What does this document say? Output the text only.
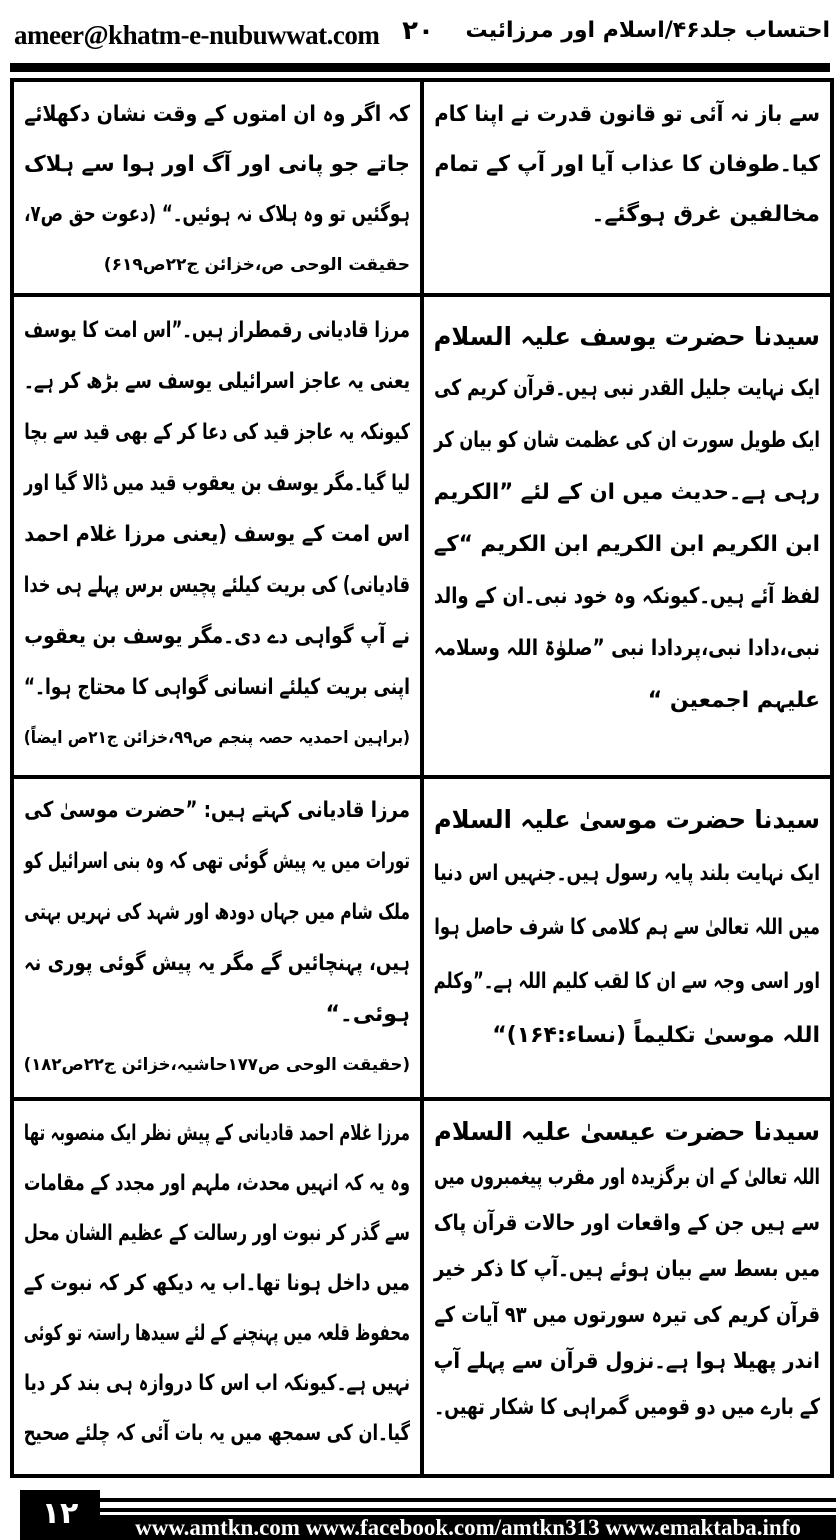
ameer@khatm-e-nubuwwat.com ۲۰	احتساب جلد۴۶/اسلام اور مرزائیت
سے باز نہ آئی تو قانون قدرت نے اپنا کام
کیا۔طوفان کا عذاب آیا اور آپ کے تمام
مخالفین غرق ہوگئے۔
کہ اگر وہ ان امتوں کے وقت نشان دکھلائے
جاتے جو پانی اور آگ اور ہوا سے ہلاک
ہوگئیں تو وہ ہلاک نہ ہوئیں۔“ (دعوت حق ص۷،
حقیقت الوحی ص،خزائن ج۲۲ص۶۱۹)
سیدنا حضرت یوسف علیہ السلام
ایک نہایت جلیل القدر نبی ہیں۔قرآن کریم کی
ایک طویل سورت ان کی عظمت شان کو بیان کر
رہی ہے۔حدیث میں ان کے لئے ”الکریم
ابن الکریم ابن الکریم ابن الکریم “کے
لفظ آئے ہیں۔کیونکہ وہ خود نبی۔ان کے والد
نبی،دادا نبی،پردادا نبی ”صلوٰۃ اللہ وسلامہ
علیہم اجمعین “
مرزا قادیانی رقمطراز ہیں۔”اس امت کا یوسف
یعنی یہ عاجز اسرائیلی یوسف سے بڑھ کر ہے۔
کیونکہ یہ عاجز قید کی دعا کر کے بھی قید سے بچا
لیا گیا۔مگر یوسف بن یعقوب قید میں ڈالا گیا اور
اس امت کے یوسف (یعنی مرزا غلام احمد
قادیانی) کی بریت کیلئے پچیس برس پہلے ہی خدا
نے آپ گواہی دے دی۔مگر یوسف بن یعقوب
اپنی بریت کیلئے انسانی گواہی کا محتاج ہوا۔“
(براہین احمدیہ حصہ پنجم ص۹۹،خزائن ج۲۱ص ایضاً)
سیدنا حضرت موسیٰ علیہ السلام
ایک نہایت بلند پایہ رسول ہیں۔جنہیں اس دنیا
میں اللہ تعالیٰ سے ہم کلامی کا شرف حاصل ہوا
اور اسی وجہ سے ان کا لقب کلیم اللہ ہے۔”وکلم
اللہ موسیٰ تکلیماً (نساء:۱۶۴)“
مرزا قادیانی کہتے ہیں: ”حضرت موسیٰ کی
تورات میں یہ پیش گوئی تھی کہ وہ بنی اسرائیل کو
ملک شام میں جہاں دودھ اور شہد کی نہریں بہتی
ہیں، پہنچائیں گے مگر یہ پیش گوئی پوری نہ
ہوئی۔“
(حقیقت الوحی ص۱۷۷حاشیہ،خزائن ج۲۲ص۱۸۲)
سیدنا حضرت عیسیٰ علیہ السلام
اللہ تعالیٰ کے ان برگزیدہ اور مقرب پیغمبروں میں
سے ہیں جن کے واقعات اور حالات قرآن پاک
میں بسط سے بیان ہوئے ہیں۔آپ کا ذکر خیر
قرآن کریم کی تیرہ سورتوں میں ۹۳ آیات کے
اندر پھیلا ہوا ہے۔نزول قرآن سے پہلے آپ
کے بارے میں دو قومیں گمراہی کا شکار تھیں۔
مرزا غلام احمد قادیانی کے پیش نظر ایک منصوبہ تھا
وہ یہ کہ انہیں محدث، ملہم اور مجدد کے مقامات
سے گذر کر نبوت اور رسالت کے عظیم الشان محل
میں داخل ہونا تھا۔اب یہ دیکھ کر کہ نبوت کے
محفوظ قلعہ میں پہنچنے کے لئے سیدھا راستہ تو کوئی
نہیں ہے۔کیونکہ اب اس کا دروازہ ہی بند کر دیا
گیا۔ان کی سمجھ میں یہ بات آئی کہ چلئے صحیح
۱۲	www.amtkn.com www.facebook.com/amtkn313 www.emaktaba.info
